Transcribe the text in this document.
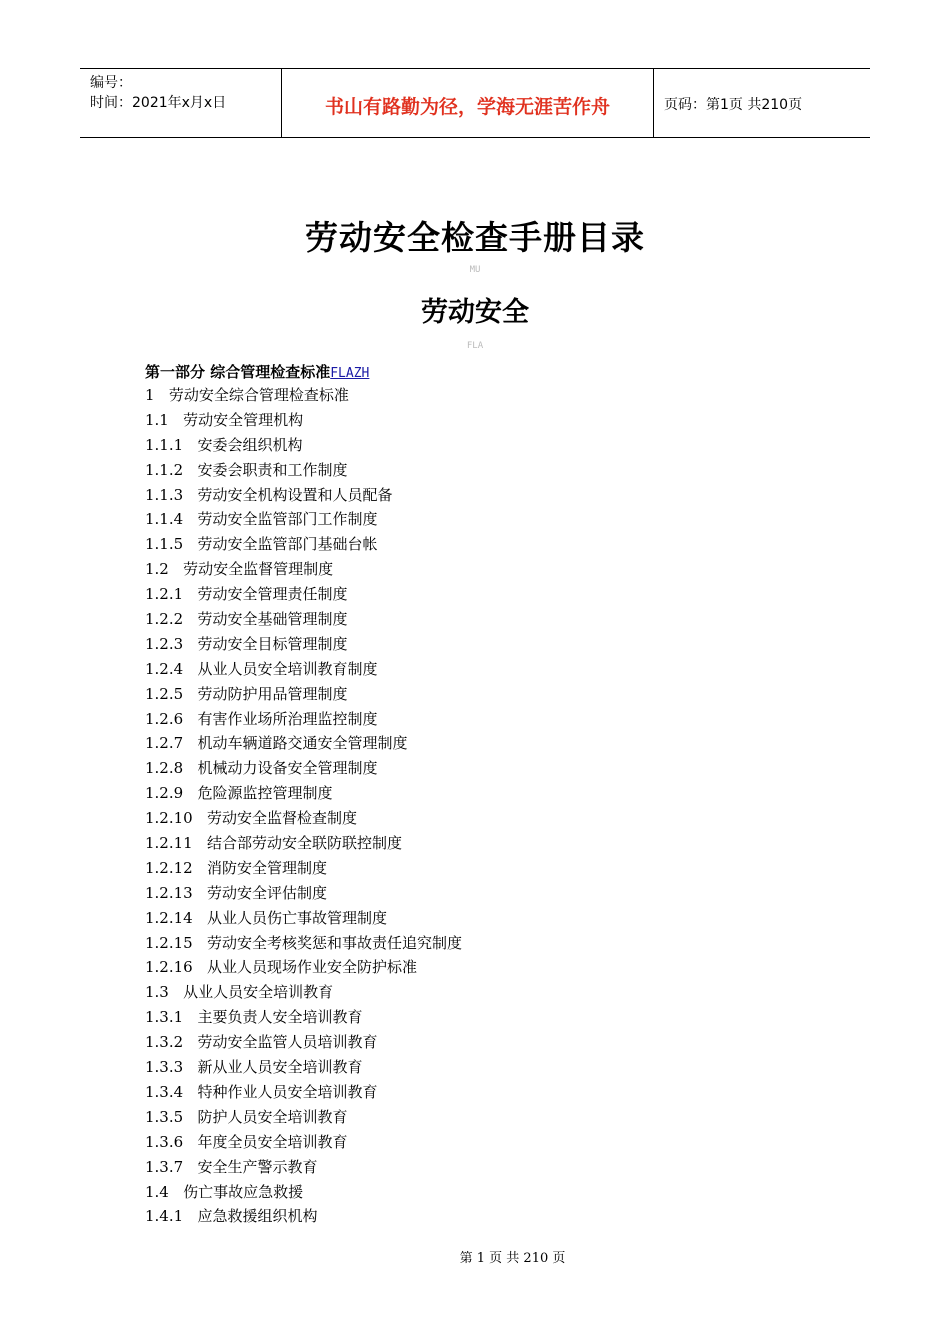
编号：
时间：2021年x月x日	书山有路勤为径，学海无涯苦作舟	页码：第1页 共210页
劳动安全检查手册目录
MU
劳动安全
FLA
第一部分 综合管理检查标准FLAZH
1   劳动安全综合管理检查标准
1.1   劳动安全管理机构
1.1.1   安委会组织机构
1.1.2   安委会职责和工作制度
1.1.3   劳动安全机构设置和人员配备
1.1.4   劳动安全监管部门工作制度
1.1.5   劳动安全监管部门基础台帐
1.2   劳动安全监督管理制度
1.2.1   劳动安全管理责任制度
1.2.2   劳动安全基础管理制度
1.2.3   劳动安全目标管理制度
1.2.4   从业人员安全培训教育制度
1.2.5   劳动防护用品管理制度
1.2.6   有害作业场所治理监控制度
1.2.7   机动车辆道路交通安全管理制度
1.2.8   机械动力设备安全管理制度
1.2.9   危险源监控管理制度
1.2.10   劳动安全监督检查制度
1.2.11   结合部劳动安全联防联控制度
1.2.12   消防安全管理制度
1.2.13   劳动安全评估制度
1.2.14   从业人员伤亡事故管理制度
1.2.15   劳动安全考核奖惩和事故责任追究制度
1.2.16   从业人员现场作业安全防护标准
1.3   从业人员安全培训教育
1.3.1   主要负责人安全培训教育
1.3.2   劳动安全监管人员培训教育
1.3.3   新从业人员安全培训教育
1.3.4   特种作业人员安全培训教育
1.3.5   防护人员安全培训教育
1.3.6   年度全员安全培训教育
1.3.7   安全生产警示教育
1.4   伤亡事故应急救援
1.4.1   应急救援组织机构
第 1 页 共 210 页
